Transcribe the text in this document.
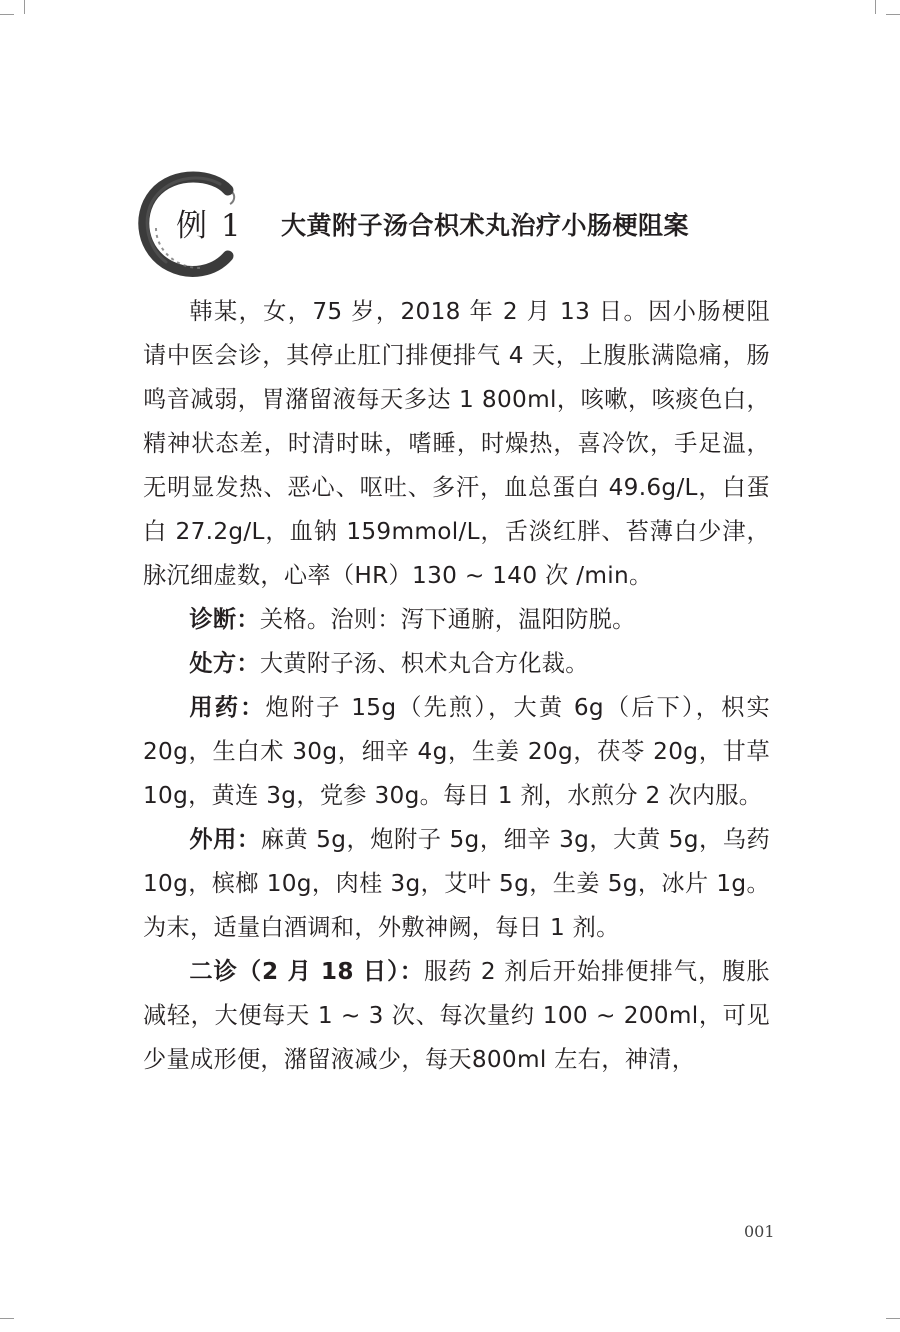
例 1 大黄附子汤合枳术丸治疗小肠梗阻案

韩某，女，75 岁，2018 年 2 月 13 日。因小肠梗阻请中医会诊，其停止肛门排便排气 4 天，上腹胀满隐痛，肠鸣音减弱，胃潴留液每天多达 1 800ml，咳嗽，咳痰色白，精神状态差，时清时昧，嗜睡，时燥热，喜冷饮，手足温，无明显发热、恶心、呕吐、多汗，血总蛋白 49.6g/L，白蛋白 27.2g/L，血钠 159mmol/L，舌淡红胖、苔薄白少津，脉沉细虚数，心率（HR）130 ~ 140 次 /min。

诊断：关格。治则：泻下通腑，温阳防脱。

处方：大黄附子汤、枳术丸合方化裁。

用药：炮附子 15g（先煎），大黄 6g（后下），枳实 20g，生白术 30g，细辛 4g，生姜 20g，茯苓 20g，甘草 10g，黄连 3g，党参 30g。每日 1 剂，水煎分 2 次内服。

外用：麻黄 5g，炮附子 5g，细辛 3g，大黄 5g，乌药 10g，槟榔 10g，肉桂 3g，艾叶 5g，生姜 5g，冰片 1g。为末，适量白酒调和，外敷神阙，每日 1 剂。

二诊（2 月 18 日）：服药 2 剂后开始排便排气，腹胀减轻，大便每天 1 ~ 3 次、每次量约 100 ~ 200ml，可见少量成形便，潴留液减少，每天800ml 左右，神清，

001
